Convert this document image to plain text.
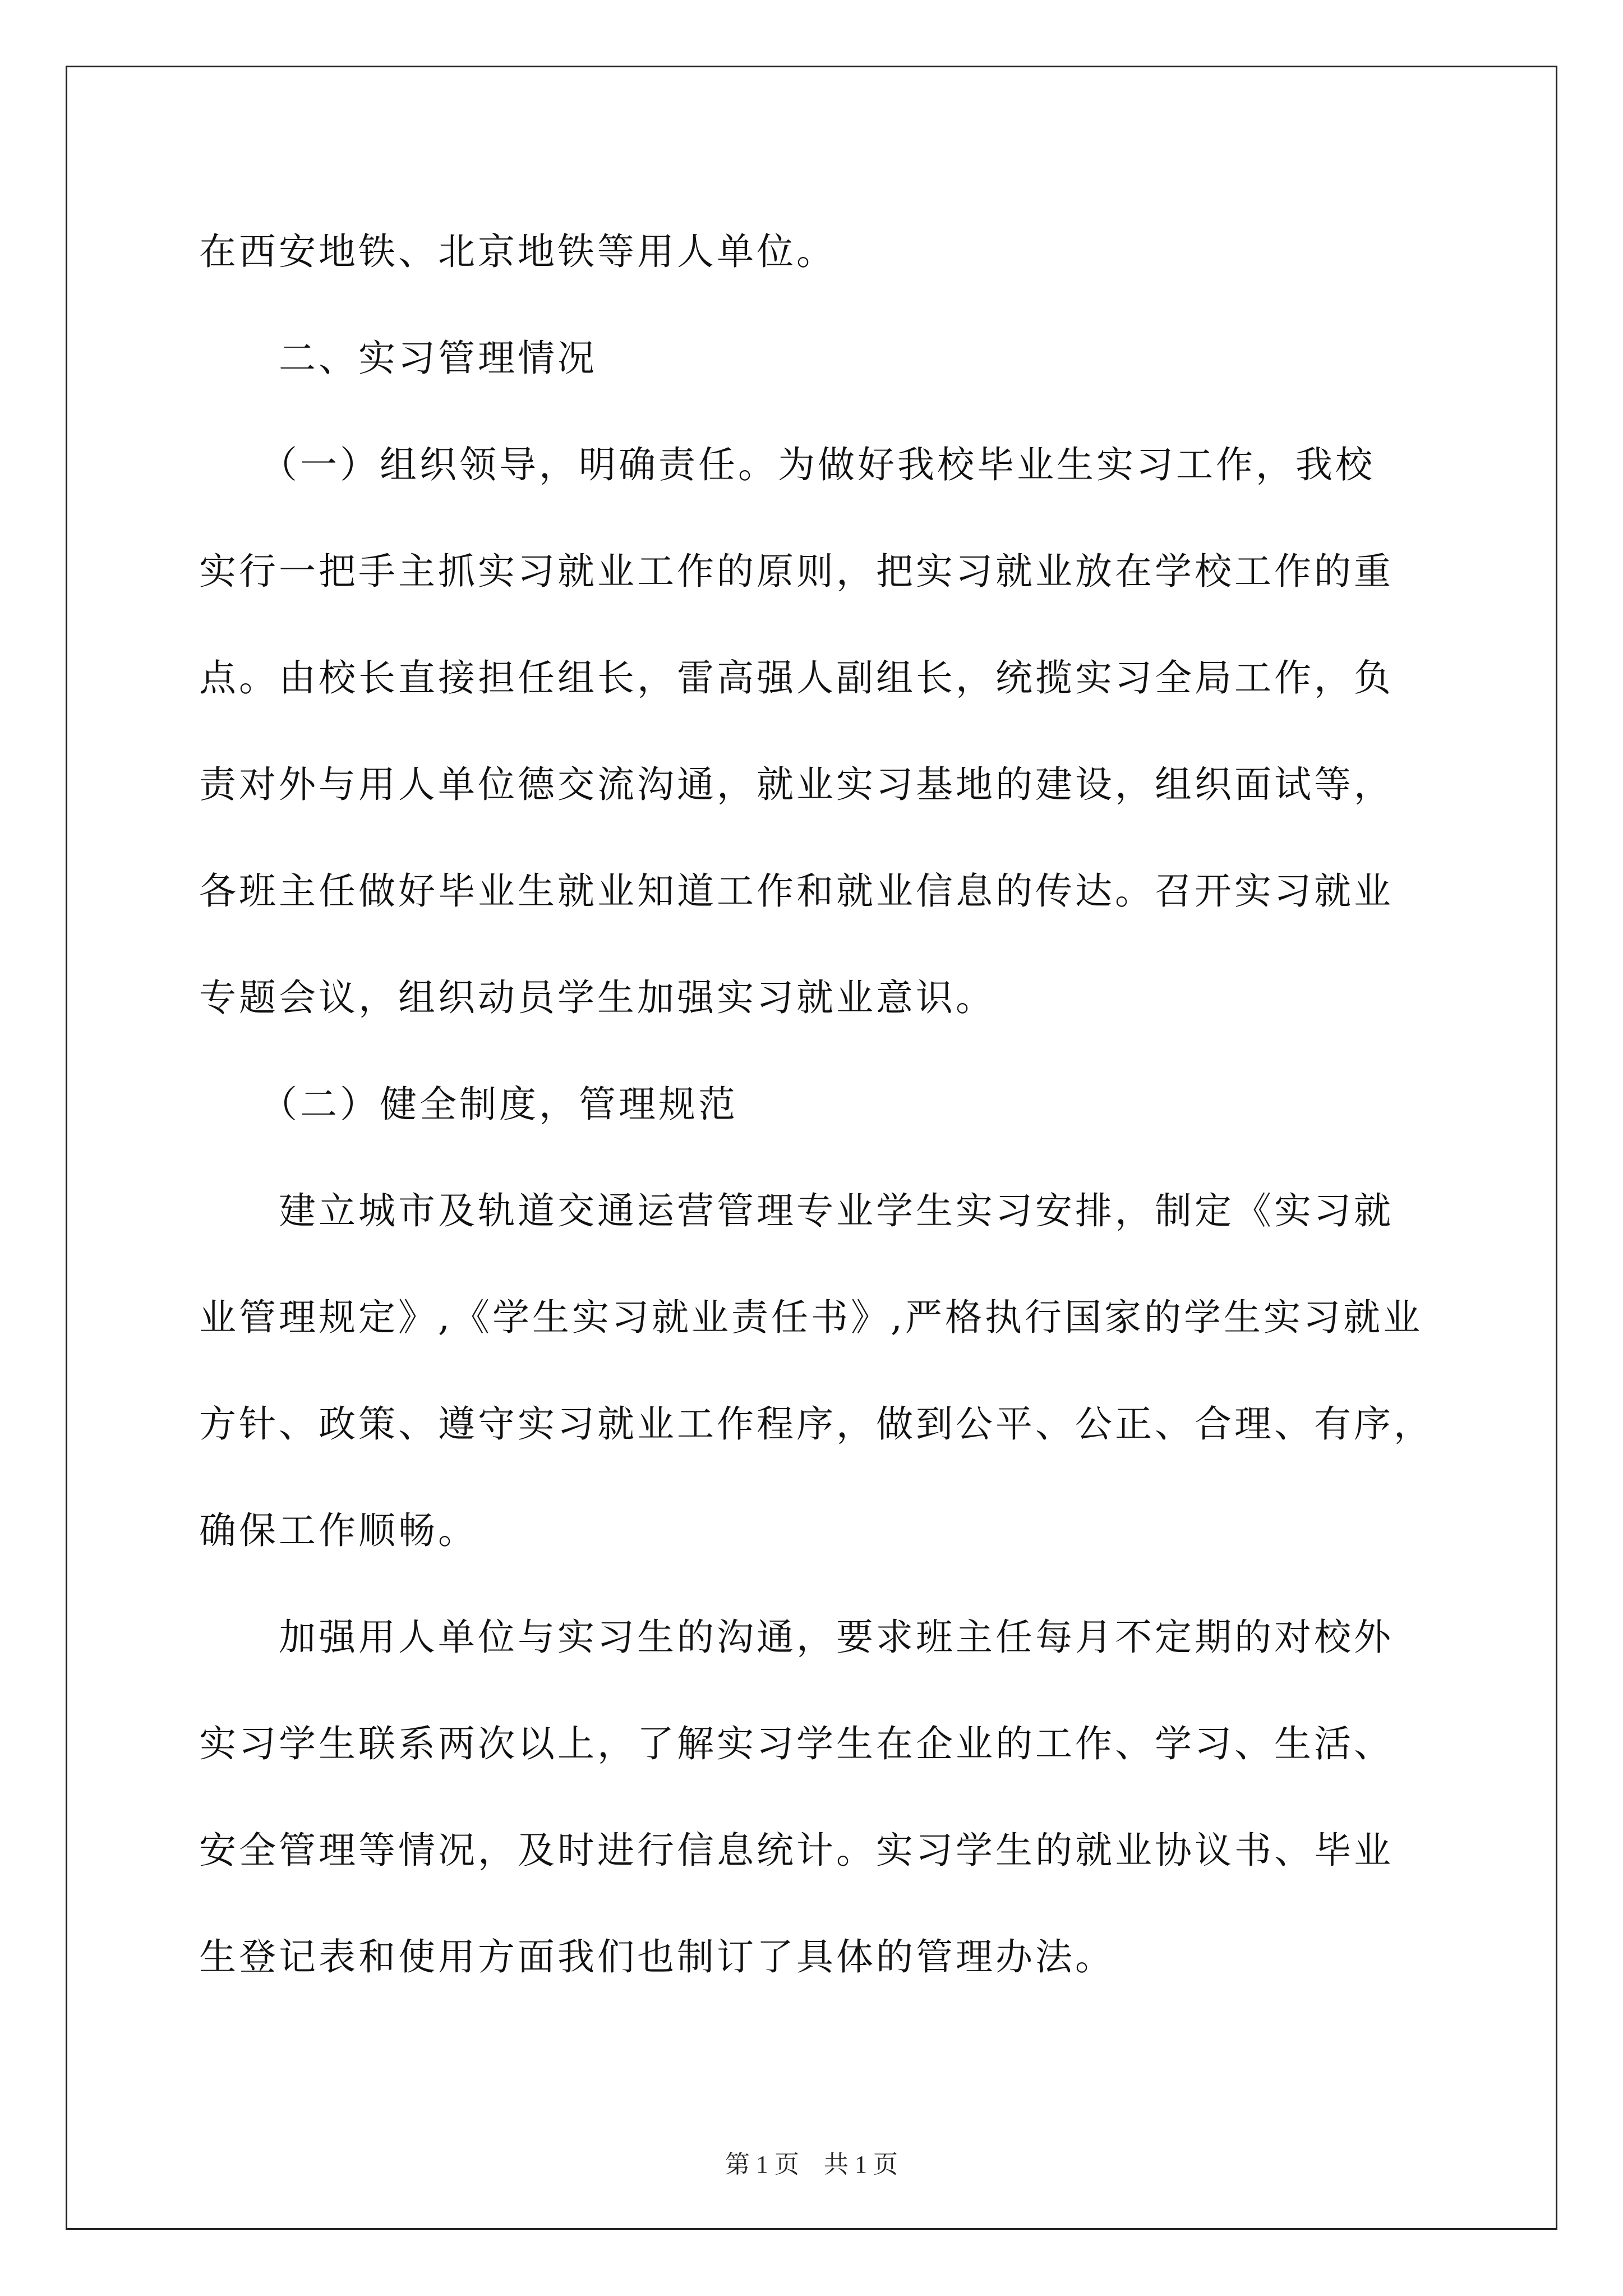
在西安地铁、北京地铁等用人单位。
　　二、实习管理情况
　　（一）组织领导，明确责任。为做好我校毕业生实习工作，我校
实行一把手主抓实习就业工作的原则，把实习就业放在学校工作的重
点。由校长直接担任组长，雷高强人副组长，统揽实习全局工作，负
责对外与用人单位德交流沟通，就业实习基地的建设，组织面试等，
各班主任做好毕业生就业知道工作和就业信息的传达。召开实习就业
专题会议，组织动员学生加强实习就业意识。
　　（二）健全制度，管理规范
　　建立城市及轨道交通运营管理专业学生实习安排，制定《实习就
业管理规定》,《学生实习就业责任书》,严格执行国家的学生实习就业
方针、政策、遵守实习就业工作程序，做到公平、公正、合理、有序，
确保工作顺畅。
　　加强用人单位与实习生的沟通，要求班主任每月不定期的对校外
实习学生联系两次以上，了解实习学生在企业的工作、学习、生活、
安全管理等情况，及时进行信息统计。实习学生的就业协议书、毕业
生登记表和使用方面我们也制订了具体的管理办法。
第 1 页　共 1 页
